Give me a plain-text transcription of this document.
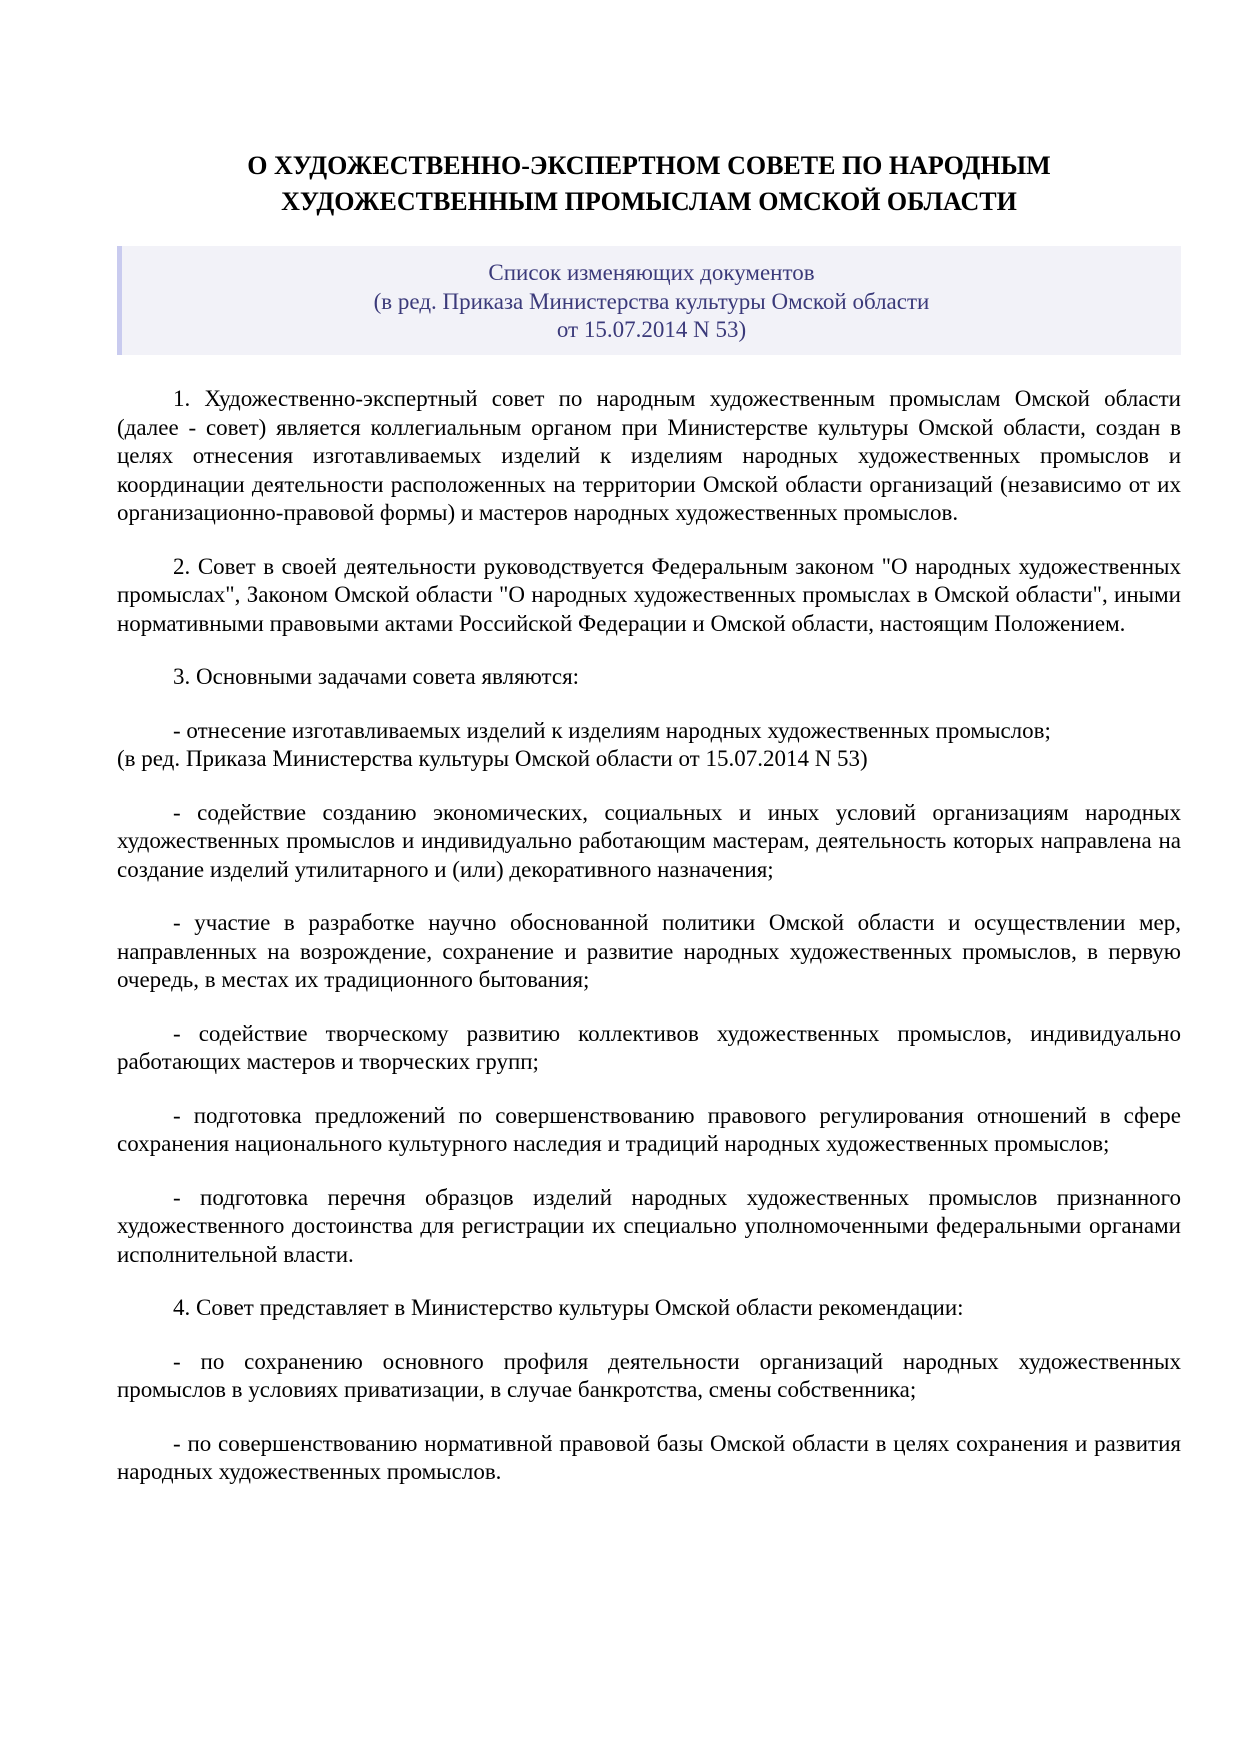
О ХУДОЖЕСТВЕННО-ЭКСПЕРТНОМ СОВЕТЕ ПО НАРОДНЫМ
ХУДОЖЕСТВЕННЫМ ПРОМЫСЛАМ ОМСКОЙ ОБЛАСТИ
Список изменяющих документов
(в ред. Приказа Министерства культуры Омской области
от 15.07.2014 N 53)

1. Художественно-экспертный совет по народным художественным промыслам Омской области (далее - совет) является коллегиальным органом при Министерстве культуры Омской области, создан в целях отнесения изготавливаемых изделий к изделиям народных художественных промыслов и координации деятельности расположенных на территории Омской области организаций (независимо от их организационно-правовой формы) и мастеров народных художественных промыслов.

2. Совет в своей деятельности руководствуется Федеральным законом "О народных художественных промыслах", Законом Омской области "О народных художественных промыслах в Омской области", иными нормативными правовыми актами Российской Федерации и Омской области, настоящим Положением.

3. Основными задачами совета являются:

- отнесение изготавливаемых изделий к изделиям народных художественных промыслов;

(в ред. Приказа Министерства культуры Омской области от 15.07.2014 N 53)

- содействие созданию экономических, социальных и иных условий организациям народных художественных промыслов и индивидуально работающим мастерам, деятельность которых направлена на создание изделий утилитарного и (или) декоративного назначения;

- участие в разработке научно обоснованной политики Омской области и осуществлении мер, направленных на возрождение, сохранение и развитие народных художественных промыслов, в первую очередь, в местах их традиционного бытования;

- содействие творческому развитию коллективов художественных промыслов, индивидуально работающих мастеров и творческих групп;

- подготовка предложений по совершенствованию правового регулирования отношений в сфере сохранения национального культурного наследия и традиций народных художественных промыслов;

- подготовка перечня образцов изделий народных художественных промыслов признанного художественного достоинства для регистрации их специально уполномоченными федеральными органами исполнительной власти.

4. Совет представляет в Министерство культуры Омской области рекомендации:

- по сохранению основного профиля деятельности организаций народных художественных промыслов в условиях приватизации, в случае банкротства, смены собственника;

- по совершенствованию нормативной правовой базы Омской области в целях сохранения и развития народных художественных промыслов.
